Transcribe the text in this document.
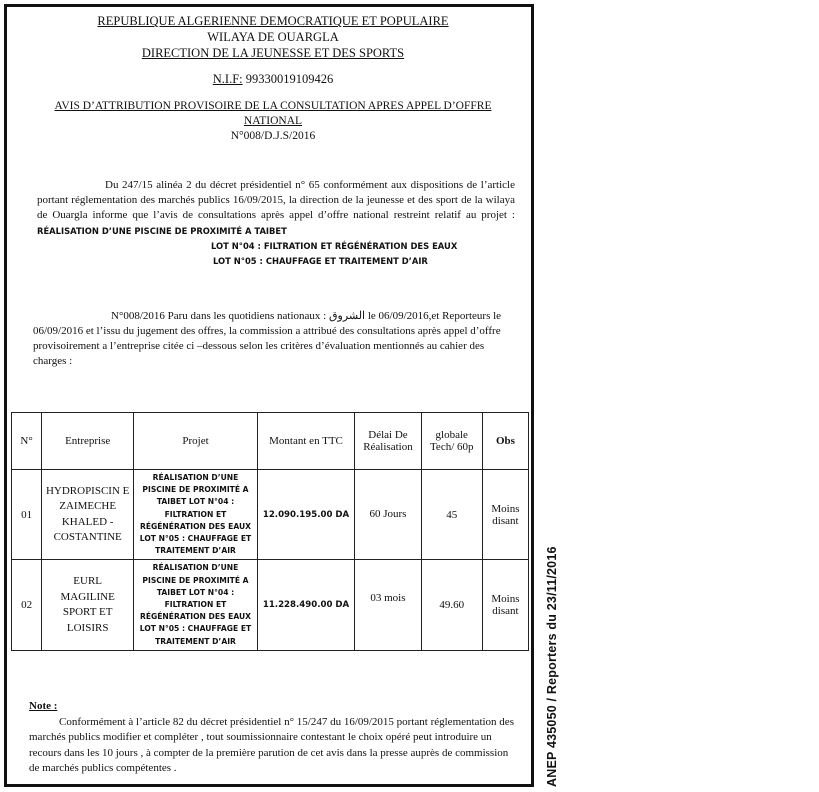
REPUBLIQUE ALGERIENNE DEMOCRATIQUE ET POPULAIRE
WILAYA DE OUARGLA
DIRECTION DE LA JEUNESSE ET DES SPORTS
N.I.F: 99330019109426
AVIS D’ATTRIBUTION PROVISOIRE DE LA CONSULTATION APRES APPEL D’OFFRE
NATIONAL
N°008/D.J.S/2016
Du 247/15 alinéa 2 du décret présidentiel n° 65 conformément aux dispositions de l’article portant réglementation des marchés publics 16/09/2015, la direction de la jeunesse et des sport de la wilaya de Ouargla informe que l’avis de consultations après appel d’offre national restreint relatif au projet : RÉALISATION D’UNE PISCINE DE PROXIMITÉ A TAIBET
LOT N°04 : FILTRATION ET RÉGÉNÉRATION DES EAUX
LOT N°05 : CHAUFFAGE ET TRAITEMENT D’AIR
N°008/2016 Paru dans les quotidiens nationaux : الشروق le 06/09/2016,et Reporteurs le 06/09/2016 et l’issu du jugement des offres, la commission a attribué des consultations après appel d’offre provisoirement a l’entreprise citée ci –dessous selon les critères d’évaluation mentionnés au cahier des charges :
N°	Entreprise	Projet	Montant en TTC	Délai De Réalisation	globale Tech/ 60p	Obs
01	HYDROPISCIN E ZAIMECHE KHALED - COSTANTINE	RÉALISATION D’UNE PISCINE DE PROXIMITÉ A TAIBET LOT N°04 : FILTRATION ET RÉGÉNÉRATION DES EAUX LOT N°05 : CHAUFFAGE ET TRAITEMENT D’AIR	12.090.195.00 DA	60 Jours	45	Moins disant
02	EURL MAGILINE SPORT ET LOISIRS	RÉALISATION D’UNE PISCINE DE PROXIMITÉ A TAIBET LOT N°04 : FILTRATION ET RÉGÉNÉRATION DES EAUX LOT N°05 : CHAUFFAGE ET TRAITEMENT D’AIR	11.228.490.00 DA	03 mois	49.60	Moins disant
Note :
Conformément à l’article 82 du décret présidentiel n° 15/247 du 16/09/2015 portant réglementation des marchés publics modifier et compléter , tout soumissionnaire contestant le choix opéré peut introduire un recours dans les 10 jours , à compter de la première parution de cet avis dans la presse auprès de commission de marchés publics compétentes .	ANEP 435050 / Reporters du 23/11/2016
